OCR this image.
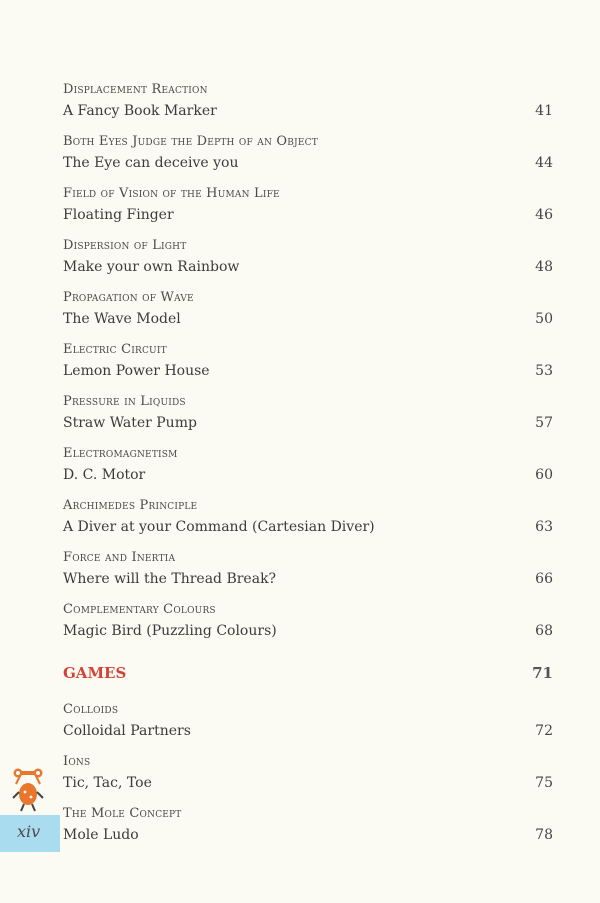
Displacement Reaction
A Fancy Book Marker	41
Both Eyes Judge the Depth of an Object
The Eye can deceive you	44
Field of Vision of the Human Life
Floating Finger	46
Dispersion of Light
Make your own Rainbow	48
Propagation of Wave
The Wave Model	50
Electric Circuit
Lemon Power House	53
Pressure in Liquids
Straw Water Pump	57
Electromagnetism
D. C. Motor	60
Archimedes Principle
A Diver at your Command (Cartesian Diver)	63
Force and Inertia
Where will the Thread Break?	66
Complementary Colours
Magic Bird (Puzzling Colours)	68
GAMES	71
Colloids
Colloidal Partners	72
Ions
Tic, Tac, Toe	75
The Mole Concept
Mole Ludo	78
xiv
